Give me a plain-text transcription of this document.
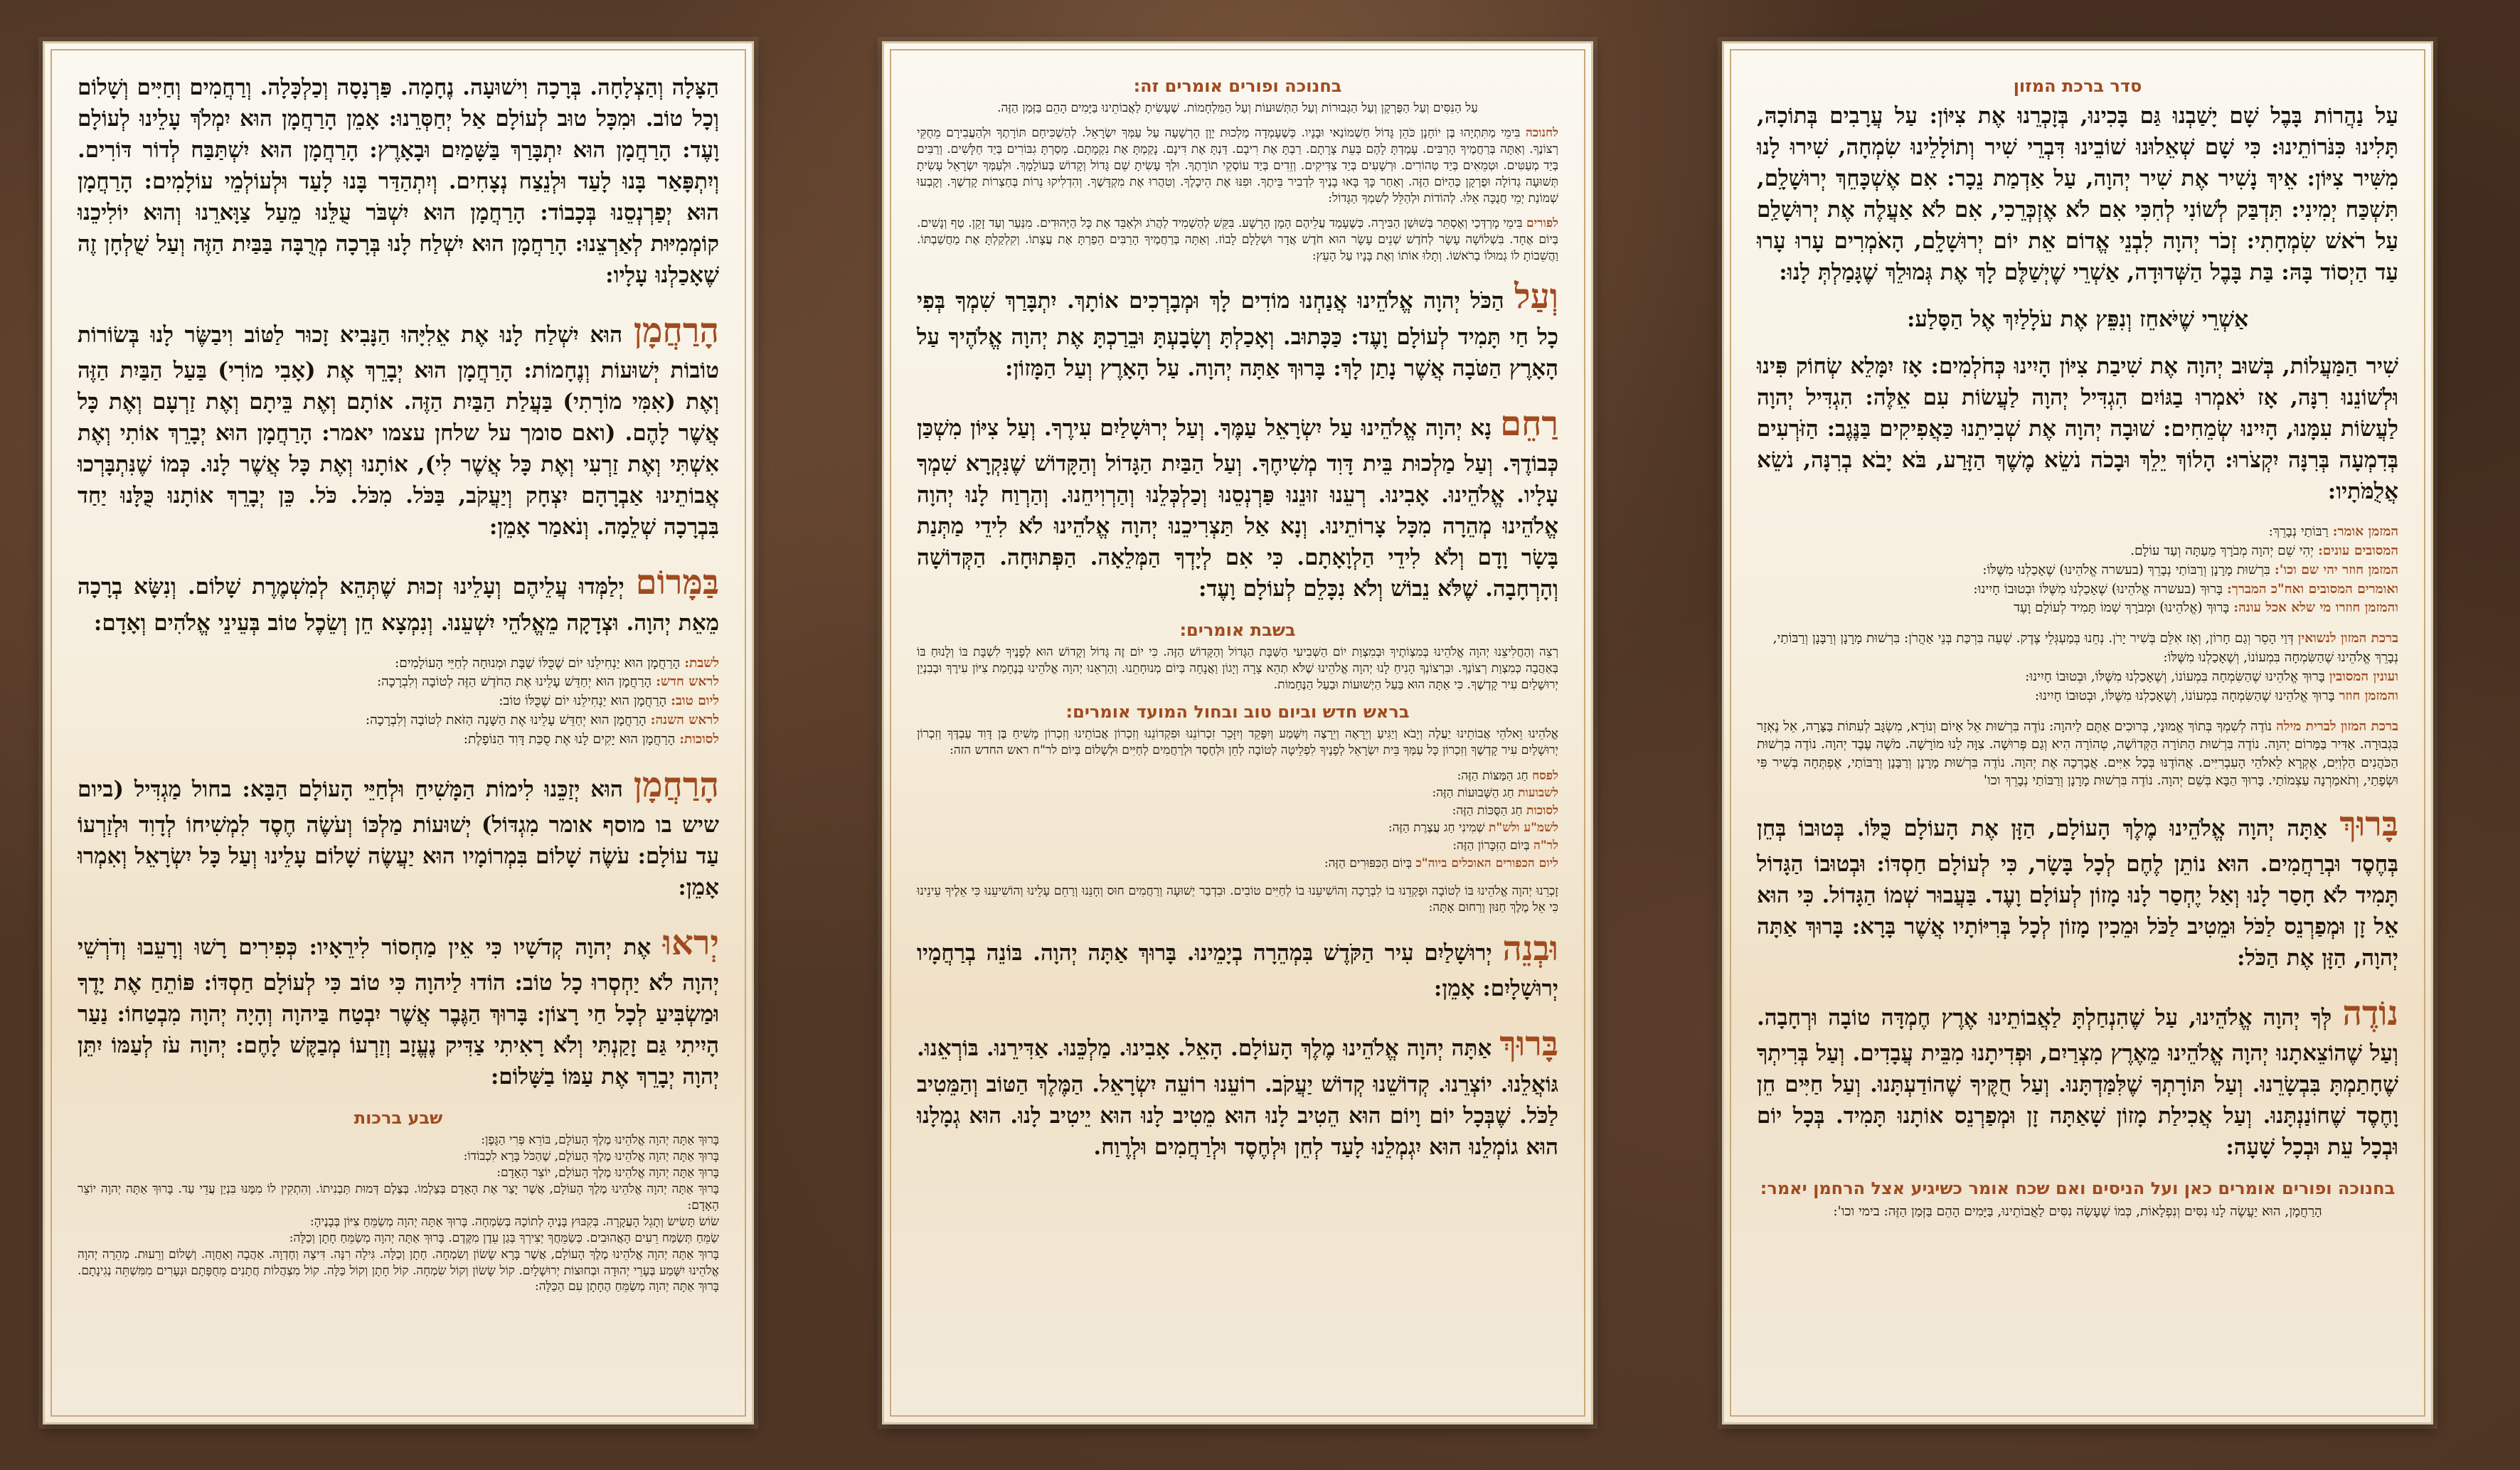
סדר ברכת המזון

עַל נַהֲרוֹת בָּבֶל שָׁם יָשַׁבְנוּ גַּם בָּכִינוּ, בְּזָכְרֵנוּ אֶת צִיּוֹן: עַל עֲרָבִים בְּתוֹכָהּ, תָּלִינוּ כִּנֹּרוֹתֵינוּ: כִּי שָׁם שְׁאֵלוּנוּ שׁוֹבֵינוּ דִּבְרֵי שִׁיר וְתוֹלָלֵינוּ שִׂמְחָה, שִׁירוּ לָנוּ מִשִּׁיר צִיּוֹן: אֵיךְ נָשִׁיר אֶת שִׁיר יְהוָה, עַל אַדְמַת נֵכָר: אִם אֶשְׁכָּחֵךְ יְרוּשָׁלִָם, תִּשְׁכַּח יְמִינִי: תִּדְבַּק לְשׁוֹנִי לְחִכִּי אִם לֹא אֶזְכְּרֵכִי, אִם לֹא אַעֲלֶה אֶת יְרוּשָׁלִַם עַל רֹאשׁ שִׂמְחָתִי: זְכֹר יְהוָה לִבְנֵי אֱדוֹם אֵת יוֹם יְרוּשָׁלִָם, הָאֹמְרִים עָרוּ עָרוּ עַד הַיְסוֹד בָּהּ: בַּת בָּבֶל הַשְּׁדוּדָה, אַשְׁרֵי שֶׁיְשַׁלֶּם לָךְ אֶת גְּמוּלֵךְ שֶׁגָּמַלְתְּ לָנוּ:

אַשְׁרֵי שֶׁיֹּאחֵז וְנִפֵּץ אֶת עֹלָלַיִךְ אֶל הַסָּלַע:

שִׁיר הַמַּעֲלוֹת, בְּשׁוּב יְהוָה אֶת שִׁיבַת צִיּוֹן הָיִינוּ כְּחֹלְמִים: אָז יִמָּלֵא שְׂחוֹק פִּינוּ וּלְשׁוֹנֵנוּ רִנָּה, אָז יֹאמְרוּ בַגּוֹיִם הִגְדִּיל יְהוָה לַעֲשׂוֹת עִם אֵלֶּה: הִגְדִּיל יְהוָה לַעֲשׂוֹת עִמָּנוּ, הָיִינוּ שְׂמֵחִים: שׁוּבָה יְהוָה אֶת שְׁבִיתֵנוּ כַּאֲפִיקִים בַּנֶּגֶב: הַזֹּרְעִים בְּדִמְעָה בְּרִנָּה יִקְצֹרוּ: הָלוֹךְ יֵלֵךְ וּבָכֹה נֹשֵׂא מֶשֶׁךְ הַזָּרַע, בֹּא יָבֹא בְרִנָּה, נֹשֵׂא אֲלֻמֹּתָיו:

המזמן אומר: רַבּוֹתַי נְבָרֵךְ:

המסובים עונים: יְהִי שֵׁם יְהוָה מְבֹרָךְ מֵעַתָּה וְעַד עוֹלָם.

המזמן חוזר יהי שם וכו': בִּרְשׁוּת מָרָנָן וְרַבּוֹתַי נְבָרֵךְ (בעשרה אֱלֹהֵינוּ) שֶׁאָכַלְנוּ מִשֶּׁלּוֹ:

ואומרים המסובים ואח"כ המברך: בָּרוּךְ (בעשרה אֱלֹהֵינוּ) שֶׁאָכַלְנוּ מִשֶּׁלּוֹ וּבְטוּבוֹ חָיִינוּ:

והמזמן חוזרו מי שלא אכל עונה: בָּרוּךְ (אֱלֹהֵינוּ) וּמְבֹרָךְ שְׁמוֹ תָּמִיד לְעוֹלָם וָעֶד

ברכת המזון לנשואין דְּוַי הָסֵר וְגַם חָרוֹן, וְאָז אִלֵּם בְּשִׁיר יָרֹן. נְחֵנוּ בְּמַעְגְּלֵי צֶדֶק. שְׁעֵה בִּרְכַּת בְּנֵי אַהֲרֹן: בִּרְשׁוּת מָרָנָן וְרַבָּנָן וְרַבּוֹתַי, נְבָרֵךְ אֱלֹהֵינוּ שֶׁהַשִּׂמְחָה בִּמְעוֹנוֹ, וְשֶׁאָכַלְנוּ מִשֶּׁלּוֹ:

ועונין המסובין בָּרוּךְ אֱלֹהֵינוּ שֶׁהַשִּׂמְחָה בִּמְעוֹנוֹ, וְשֶׁאָכַלְנוּ מִשֶּׁלּוֹ, וּבְטוּבוֹ חָיִינוּ:

והמזמן חוזר בָּרוּךְ אֱלֹהֵינוּ שֶׁהַשִּׂמְחָה בִּמְעוֹנוֹ, וְשֶׁאָכַלְנוּ מִשֶּׁלּוֹ, וּבְטוּבוֹ חָיִינוּ:

ברכת המזון לברית מילה נוֹדֶה לְשִׁמְךָ בְּתוֹךְ אֱמוּנָי, בְּרוּכִים אַתֶּם לַיהוָה: נוֹדֶה בִּרְשׁוּת אֵל אָיוֹם וְנוֹרָא, מִשְׂגָּב לְעִתּוֹת בַּצָּרָה, אֵל נֶאְזָר בִּגְבוּרָה. אַדִּיר בַּמָּרוֹם יְהוָה. נוֹדֶה בִּרְשׁוּת הַתּוֹרָה הַקְּדוֹשָׁה, טְהוֹרָה הִיא וְגַם פְּרוּשָׁה. צִוָּה לָנוּ מוֹרָשָׁה. מֹשֶׁה עֶבֶד יְהוָה. נוֹדֶה בִּרְשׁוּת הַכֹּהֲנִים הַלְוִיִּם, אֶקְרָא לֵאלֹהֵי הָעִבְרִיִּים. אֲהוֹדֶנּוּ בְּכָל אִיִּים. אֲבָרְכָה אֶת יְהוָה. נוֹדֶה בִּרְשׁוּת מָרָנָן וְרַבָּנָן וְרַבּוֹתַי, אֶפְתְּחָה בְּשִׁיר פִּי וּשְׂפָתַי, וְתֹאמַרְנָה עַצְמוֹתַי. בָּרוּךְ הַבָּא בְּשֵׁם יְהוָה. נוֹדֶה בִּרְשׁוּת מָרָנָן וְרַבּוֹתַי נְבָרֵךְ וכו'

בָּרוּךְ אַתָּה יְהוָה אֱלֹהֵינוּ מֶלֶךְ הָעוֹלָם, הַזָּן אֶת הָעוֹלָם כֻּלּוֹ. בְּטוּבוֹ בְּחֵן בְּחֶסֶד וּבְרַחֲמִים. הוּא נוֹתֵן לֶחֶם לְכָל בָּשָׂר, כִּי לְעוֹלָם חַסְדּוֹ: וּבְטוּבוֹ הַגָּדוֹל תָּמִיד לֹא חָסַר לָנוּ וְאַל יֶחְסַר לָנוּ מָזוֹן לְעוֹלָם וָעֶד. בַּעֲבוּר שְׁמוֹ הַגָּדוֹל. כִּי הוּא אֵל זָן וּמְפַרְנֵס לַכֹּל וּמֵטִיב לַכֹּל וּמֵכִין מָזוֹן לְכָל בְּרִיּוֹתָיו אֲשֶׁר בָּרָא: בָּרוּךְ אַתָּה יְהוָה, הַזָּן אֶת הַכֹּל:

נוֹדֶה לְּךָ יְהוָה אֱלֹהֵינוּ, עַל שֶׁהִנְחַלְתָּ לַאֲבוֹתֵינוּ אֶרֶץ חֶמְדָּה טוֹבָה וּרְחָבָה. וְעַל שֶׁהוֹצֵאתָנוּ יְהוָה אֱלֹהֵינוּ מֵאֶרֶץ מִצְרַיִם, וּפְדִיתָנוּ מִבֵּית עֲבָדִים. וְעַל בְּרִיתְךָ שֶׁחָתַמְתָּ בִּבְשָׂרֵנוּ. וְעַל תּוֹרָתְךָ שֶׁלִּמַּדְתָּנוּ. וְעַל חֻקֶּיךָ שֶׁהוֹדַעְתָּנוּ. וְעַל חַיִּים חֵן וָחֶסֶד שֶׁחוֹנַנְתָּנוּ. וְעַל אֲכִילַת מָזוֹן שָׁאַתָּה זָן וּמְפַרְנֵס אוֹתָנוּ תָּמִיד. בְּכָל יוֹם וּבְכָל עֵת וּבְכָל שָׁעָה:

בחנוכה ופורים אומרים כאן ועל הניסים ואם שכח אומר כשיגיע אצל הרחמן יאמר:

הָרַחֲמָן, הוּא יַעֲשֶׂה לָנוּ נִסִּים וְנִפְלָאוֹת, כְּמוֹ שֶׁעָשָׂה נִסִּים לַאֲבוֹתֵינוּ, בַּיָּמִים הָהֵם בַּזְּמַן הַזֶּה: בימי וכו':

בחנוכה ופורים אומרים זה:

עַל הַנִּסִּים וְעַל הַפֻּרְקָן וְעַל הַגְּבוּרוֹת וְעַל הַתְּשׁוּעוֹת וְעַל הַמִּלְחָמוֹת. שֶׁעָשִׂיתָ לַאֲבוֹתֵינוּ בַּיָּמִים הָהֵם בַּזְּמַן הַזֶּה.

לחנוכה בִּימֵי מַתִּתְיָהוּ בֶּן יוֹחָנָן כֹּהֵן גָּדוֹל חַשְׁמוֹנַאי וּבָנָיו. כְּשֶׁעָמְדָה מַלְכוּת יָוָן הָרְשָׁעָה עַל עַמְּךָ יִשְׂרָאֵל. לְהַשְׁכִּיחָם תּוֹרָתֶךָ וּלְהַעֲבִירָם מֵחֻקֵּי רְצוֹנֶךָ. וְאַתָּה בְּרַחֲמֶיךָ הָרַבִּים. עָמַדְתָּ לָהֶם בְּעֵת צָרָתָם. רַבְתָּ אֶת רִיבָם. דַּנְתָּ אֶת דִּינָם. נָקַמְתָּ אֶת נִקְמָתָם. מָסַרְתָּ גִבּוֹרִים בְּיַד חַלָּשִׁים. וְרַבִּים בְּיַד מְעַטִּים. וּטְמֵאִים בְּיַד טְהוֹרִים. וּרְשָׁעִים בְּיַד צַדִּיקִים. וְזֵדִים בְּיַד עוֹסְקֵי תוֹרָתֶךָ. וּלְךָ עָשִׂיתָ שֵׁם גָּדוֹל וְקָדוֹשׁ בְּעוֹלָמָךְ. וּלְעַמְּךָ יִשְׂרָאֵל עָשִׂיתָ תְּשׁוּעָה גְדוֹלָה וּפֻרְקָן כְּהַיּוֹם הַזֶּה. וְאַחַר כָּךְ בָּאוּ בָנֶיךָ לִדְבִיר בֵּיתֶךָ. וּפִנּוּ אֶת הֵיכָלֶךָ. וְטִהֲרוּ אֶת מִקְדָּשֶׁךָ. וְהִדְלִיקוּ נֵרוֹת בְּחַצְרוֹת קָדְשֶׁךָ. וְקָבְעוּ שְׁמוֹנַת יְמֵי חֲנֻכָּה אֵלּוּ. לְהוֹדוֹת וּלְהַלֵּל לְשִׁמְךָ הַגָּדוֹל:

לפורים בִּימֵי מָרְדְּכַי וְאֶסְתֵּר בְּשׁוּשַׁן הַבִּירָה. כְּשֶׁעָמַד עֲלֵיהֶם הָמָן הָרָשָׁע. בִּקֵּשׁ לְהַשְׁמִיד לַהֲרֹג וּלְאַבֵּד אֶת כָּל הַיְּהוּדִים. מִנַּעַר וְעַד זָקֵן. טַף וְנָשִׁים. בְּיוֹם אֶחָד. בִּשְׁלוֹשָׁה עָשָׂר לְחֹדֶשׁ שְׁנֵים עָשָׂר הוּא חֹדֶשׁ אֲדָר וּשְׁלָלָם לָבוֹז. וְאַתָּה בְּרַחֲמֶיךָ הָרַבִּים הֵפַרְתָּ אֶת עֲצָתוֹ. וְקִלְקַלְתָּ אֶת מַחֲשַׁבְתּוֹ. וַהֲשֵׁבוֹתָ לוֹ גְמוּלוֹ בְרֹאשׁוֹ. וְתָלוּ אוֹתוֹ וְאֶת בָּנָיו עַל הָעֵץ:

וְעַל הַכֹּל יְהוָה אֱלֹהֵינוּ אֲנַחְנוּ מוֹדִים לָךְ וּמְבָרְכִים אוֹתָךְ. יִתְבָּרַךְ שִׁמְךָ בְּפִי כָל חַי תָּמִיד לְעוֹלָם וָעֶד: כַּכָּתוּב. וְאָכַלְתָּ וְשָׂבָעְתָּ וּבֵרַכְתָּ אֶת יְהוָה אֱלֹהֶיךָ עַל הָאָרֶץ הַטֹּבָה אֲשֶׁר נָתַן לָךְ: בָּרוּךְ אַתָּה יְהוָה. עַל הָאָרֶץ וְעַל הַמָּזוֹן:

רַחֵם נָא יְהוָה אֱלֹהֵינוּ עַל יִשְׂרָאֵל עַמֶּךָ. וְעַל יְרוּשָׁלַיִם עִירֶךָ. וְעַל צִיּוֹן מִשְׁכַּן כְּבוֹדֶךָ. וְעַל מַלְכוּת בֵּית דָּוִד מְשִׁיחֶךָ. וְעַל הַבַּיִת הַגָּדוֹל וְהַקָּדוֹשׁ שֶׁנִּקְרָא שִׁמְךָ עָלָיו. אֱלֹהֵינוּ. אָבִינוּ. רְעֵנוּ זוּנֵנוּ פַּרְנְסֵנוּ וְכַלְכְּלֵנוּ וְהַרְוִיחֵנוּ. וְהַרְוַח לָנוּ יְהוָה אֱלֹהֵינוּ מְהֵרָה מִכָּל צָרוֹתֵינוּ. וְנָא אַל תַּצְרִיכֵנוּ יְהוָה אֱלֹהֵינוּ לֹא לִידֵי מַתְּנַת בָּשָׂר וָדָם וְלֹא לִידֵי הַלְוָאָתָם. כִּי אִם לְיָדְךָ הַמְּלֵאָה. הַפְּתוּחָה. הַקְּדוֹשָׁה וְהָרְחָבָה. שֶׁלֹּא נֵבוֹשׁ וְלֹא נִכָּלֵם לְעוֹלָם וָעֶד:

בשבת אומרים:

רְצֵה וְהַחֲלִיצֵנוּ יְהוָה אֱלֹהֵינוּ בְּמִצְוֹתֶיךָ וּבְמִצְוַת יוֹם הַשְּׁבִיעִי הַשַּׁבָּת הַגָּדוֹל וְהַקָּדוֹשׁ הַזֶּה. כִּי יוֹם זֶה גָּדוֹל וְקָדוֹשׁ הוּא לְפָנֶיךָ לִשְׁבָּת בּוֹ וְלָנוּחַ בּוֹ בְּאַהֲבָה כְּמִצְוַת רְצוֹנֶךָ. וּבִרְצוֹנְךָ הָנִיחַ לָנוּ יְהוָה אֱלֹהֵינוּ שֶׁלֹּא תְהֵא צָרָה וְיָגוֹן וַאֲנָחָה בְּיוֹם מְנוּחָתֵנוּ. וְהַרְאֵנוּ יְהוָה אֱלֹהֵינוּ בְּנֶחָמַת צִיּוֹן עִירֶךָ וּבְבִנְיַן יְרוּשָׁלַיִם עִיר קָדְשֶׁךָ. כִּי אַתָּה הוּא בַּעַל הַיְשׁוּעוֹת וּבַעַל הַנֶּחָמוֹת.

בראש חדש וביום טוב ובחול המועד אומרים:

אֱלֹהֵינוּ וֵאלֹהֵי אֲבוֹתֵינוּ יַעֲלֶה וְיָבֹא וְיַגִּיעַ וְיֵרָאֶה וְיֵרָצֶה וְיִשָּׁמַע וְיִפָּקֵד וְיִזָּכֵר זִכְרוֹנֵנוּ וּפִקְדוֹנֵנוּ וְזִכְרוֹן אֲבוֹתֵינוּ וְזִכְרוֹן מָשִׁיחַ בֶּן דָּוִד עַבְדֶּךָ וְזִכְרוֹן יְרוּשָׁלַיִם עִיר קָדְשֶׁךָ וְזִכְרוֹן כָּל עַמְּךָ בֵּית יִשְׂרָאֵל לְפָנֶיךָ לִפְלֵיטָה לְטוֹבָה לְחֵן וּלְחֶסֶד וּלְרַחֲמִים לְחַיִּים וּלְשָׁלוֹם בְּיוֹם לר"ח ראש החדש הזה:

לפסח חַג הַמַּצּוֹת הַזֶּה:

לשבועות חַג הַשָּׁבוּעוֹת הַזֶּה:

לסוכות חַג הַסֻּכּוֹת הַזֶּה:

לשמ"ע ולש"ת שְׁמִינִי חַג עֲצֶרֶת הַזֶּה:

לר"ה בְּיוֹם הַזִּכָּרוֹן הַזֶּה:

ליום הכפורים האוכלים ביוה"כ בְּיוֹם הַכִּפּוּרִים הַזֶּה:

זָכְרֵנוּ יְהוָה אֱלֹהֵינוּ בּוֹ לְטוֹבָה וּפָקְדֵנוּ בוֹ לִבְרָכָה וְהוֹשִׁיעֵנוּ בוֹ לְחַיִּים טוֹבִים. וּבִדְבַר יְשׁוּעָה וְרַחֲמִים חוּס וְחָנֵּנוּ וְרַחֵם עָלֵינוּ וְהוֹשִׁיעֵנוּ כִּי אֵלֶיךָ עֵינֵינוּ כִּי אֵל מֶלֶךְ חַנּוּן וְרַחוּם אָתָּה:

וּבְנֵה יְרוּשָׁלַיִם עִיר הַקֹּדֶשׁ בִּמְהֵרָה בְיָמֵינוּ. בָּרוּךְ אַתָּה יְהוָה. בּוֹנֵה בְרַחֲמָיו יְרוּשָׁלָיִם: אָמֵן:

בָּרוּךְ אַתָּה יְהוָה אֱלֹהֵינוּ מֶלֶךְ הָעוֹלָם. הָאֵל. אָבִינוּ. מַלְכֵּנוּ. אַדִּירֵנוּ. בּוֹרְאֵנוּ. גּוֹאֲלֵנוּ. יוֹצְרֵנוּ. קְדוֹשֵׁנוּ קְדוֹשׁ יַעֲקֹב. רוֹעֵנוּ רוֹעֵה יִשְׂרָאֵל. הַמֶּלֶךְ הַטּוֹב וְהַמֵּטִיב לַכֹּל. שֶׁבְּכָל יוֹם וָיוֹם הוּא הֵטִיב לָנוּ הוּא מֵטִיב לָנוּ הוּא יֵיטִיב לָנוּ. הוּא גְמָלָנוּ הוּא גוֹמְלֵנוּ הוּא יִגְמְלֵנוּ לָעַד לְחֵן וּלְחֶסֶד וּלְרַחֲמִים וּלְרֶוַח.

הַצָּלָה וְהַצְלָחָה. בְּרָכָה וִישׁוּעָה. נֶחָמָה. פַּרְנָסָה וְכַלְכָּלָה. וְרַחֲמִים וְחַיִּים וְשָׁלוֹם וְכָל טוֹב. וּמִכָּל טוּב לְעוֹלָם אַל יְחַסְּרֵנוּ: אָמֵן הָרַחֲמָן הוּא יִמְלֹךְ עָלֵינוּ לְעוֹלָם וָעֶד: הָרַחֲמָן הוּא יִתְבָּרַךְ בַּשָּׁמַיִם וּבָאָרֶץ: הָרַחֲמָן הוּא יִשְׁתַּבַּח לְדוֹר דּוֹרִים. וְיִתְפָּאַר בָּנוּ לָעַד וּלְנֵצַח נְצָחִים. וְיִתְהַדַּר בָּנוּ לָעַד וּלְעוֹלְמֵי עוֹלָמִים: הָרַחֲמָן הוּא יְפַרְנְסֵנוּ בְּכָבוֹד: הָרַחֲמָן הוּא יִשְׁבֹּר עֻלֵּנוּ מֵעַל צַוָּארֵנוּ וְהוּא יוֹלִיכֵנוּ קוֹמְמִיּוּת לְאַרְצֵנוּ: הָרַחֲמָן הוּא יִשְׁלַח לָנוּ בְּרָכָה מְרֻבָּה בַּבַּיִת הַזֶּה וְעַל שֻׁלְחָן זֶה שֶׁאָכַלְנוּ עָלָיו:

הָרַחֲמָן הוּא יִשְׁלַח לָנוּ אֶת אֵלִיָּהוּ הַנָּבִיא זָכוּר לַטּוֹב וִיבַשֶּׂר לָנוּ בְּשׂוֹרוֹת טוֹבוֹת יְשׁוּעוֹת וְנֶחָמוֹת: הָרַחֲמָן הוּא יְבָרֵךְ אֶת (אָבִי מוֹרִי) בַּעַל הַבַּיִת הַזֶּה וְאֶת (אִמִּי מוֹרָתִי) בַּעֲלַת הַבַּיִת הַזֶּה. אוֹתָם וְאֶת בֵּיתָם וְאֶת זַרְעָם וְאֶת כָּל אֲשֶׁר לָהֶם. (ואם סומך על שלחן עצמו יאמר: הָרַחֲמָן הוּא יְבָרֵךְ אוֹתִי וְאֶת אִשְׁתִּי וְאֶת זַרְעִי וְאֶת כָּל אֲשֶׁר לִי), אוֹתָנוּ וְאֶת כָּל אֲשֶׁר לָנוּ. כְּמוֹ שֶׁנִּתְבָּרְכוּ אֲבוֹתֵינוּ אַבְרָהָם יִצְחָק וְיַעֲקֹב, בַּכֹּל. מִכֹּל. כֹּל. כֵּן יְבָרֵךְ אוֹתָנוּ כֻּלָּנוּ יַחַד בִּבְרָכָה שְׁלֵמָה. וְנֹאמַר אָמֵן:

בַּמָּרוֹם יְלַמְּדוּ עֲלֵיהֶם וְעָלֵינוּ זְכוּת שֶׁתְּהֵא לְמִשְׁמֶרֶת שָׁלוֹם. וְנִשָּׂא בְרָכָה מֵאֵת יְהוָה. וּצְדָקָה מֵאֱלֹהֵי יִשְׁעֵנוּ. וְנִמְצָא חֵן וְשֵׂכֶל טוֹב בְּעֵינֵי אֱלֹהִים וְאָדָם:

לשבת: הָרַחֲמָן הוּא יַנְחִילֵנוּ יוֹם שֶׁכֻּלּוֹ שַׁבָּת וּמְנוּחָה לְחַיֵּי הָעוֹלָמִים:

לראש חדש: הָרַחֲמָן הוּא יְחַדֵּשׁ עָלֵינוּ אֶת הַחֹדֶשׁ הַזֶּה לְטוֹבָה וְלִבְרָכָה:

ליום טוב: הָרַחֲמָן הוּא יַנְחִילֵנוּ יוֹם שֶׁכֻּלּוֹ טוֹב:

לראש השנה: הָרַחֲמָן הוּא יְחַדֵּשׁ עָלֵינוּ אֶת הַשָּׁנָה הַזֹּאת לְטוֹבָה וְלִבְרָכָה:

לסוכות: הָרַחֲמָן הוּא יָקִים לָנוּ אֶת סֻכַּת דָּוִד הַנּוֹפָלֶת:

הָרַחֲמָן הוּא יְזַכֵּנוּ לִימוֹת הַמָּשִׁיחַ וּלְחַיֵּי הָעוֹלָם הַבָּא: בחול מַגְדִּיל (ביום שיש בו מוסף אומר מִגְדּוֹל) יְשׁוּעוֹת מַלְכּוֹ וְעֹשֶׂה חֶסֶד לִמְשִׁיחוֹ לְדָוִד וּלְזַרְעוֹ עַד עוֹלָם: עֹשֶׂה שָׁלוֹם בִּמְרוֹמָיו הוּא יַעֲשֶׂה שָׁלוֹם עָלֵינוּ וְעַל כָּל יִשְׂרָאֵל וְאִמְרוּ אָמֵן:

יְראוּ אֶת יְהוָה קְדֹשָׁיו כִּי אֵין מַחְסוֹר לִירֵאָיו: כְּפִירִים רָשׁוּ וְרָעֵבוּ וְדֹרְשֵׁי יְהוָה לֹא יַחְסְרוּ כָל טוֹב: הוֹדוּ לַיהוָה כִּי טוֹב כִּי לְעוֹלָם חַסְדּוֹ: פּוֹתֵחַ אֶת יָדֶךָ וּמַשְׂבִּיעַ לְכָל חַי רָצוֹן: בָּרוּךְ הַגֶּבֶר אֲשֶׁר יִבְטַח בַּיהוָה וְהָיָה יְהוָה מִבְטַחוֹ: נַעַר הָיִיתִי גַּם זָקַנְתִּי וְלֹא רָאִיתִי צַדִּיק נֶעֱזָב וְזַרְעוֹ מְבַקֶּשׁ לָחֶם: יְהוָה עֹז לְעַמּוֹ יִתֵּן יְהוָה יְבָרֵךְ אֶת עַמּוֹ בַשָּׁלוֹם:

שבע ברכות

בָּרוּךְ אַתָּה יְהוָה אֱלֹהֵינוּ מֶלֶךְ הָעוֹלָם, בּוֹרֵא פְּרִי הַגָּפֶן:

בָּרוּךְ אַתָּה יְהוָה אֱלֹהֵינוּ מֶלֶךְ הָעוֹלָם, שֶׁהַכֹּל בָּרָא לִכְבוֹדוֹ:

בָּרוּךְ אַתָּה יְהוָה אֱלֹהֵינוּ מֶלֶךְ הָעוֹלָם, יוֹצֵר הָאָדָם:

בָּרוּךְ אַתָּה יְהוָה אֱלֹהֵינוּ מֶלֶךְ הָעוֹלָם, אֲשֶׁר יָצַר אֶת הָאָדָם בְּצַלְמוֹ. בְּצֶלֶם דְּמוּת תַּבְנִיתוֹ. וְהִתְקִין לוֹ מִמֶּנּוּ בִּנְיַן עֲדֵי עַד. בָּרוּךְ אַתָּה יְהוָה יוֹצֵר הָאָדָם:

שׂוֹשׂ תָּשִׂישׂ וְתָגֵל הָעֲקָרָה. בְּקִבּוּץ בָּנֶיהָ לְתוֹכָהּ בְּשִׂמְחָה. בָּרוּךְ אַתָּה יְהוָה מְשַׂמֵּחַ צִיּוֹן בְּבָנֶיהָ:

שַׂמֵּחַ תְּשַׂמַּח רֵעִים הָאֲהוּבִים. כְּשַׂמֵּחֲךָ יְצִירְךָ בְּגַן עֵדֶן מִקֶּדֶם. בָּרוּךְ אַתָּה יְהוָה מְשַׂמֵּחַ חָתָן וְכַלָּה:

בָּרוּךְ אַתָּה יְהוָה אֱלֹהֵינוּ מֶלֶךְ הָעוֹלָם, אֲשֶׁר בָּרָא שָׂשׂוֹן וְשִׂמְחָה. חָתָן וְכַלָּה. גִּילָה רִנָּה. דִּיצָה וְחֶדְוָה. אַהֲבָה וְאַחֲוָה. וְשָׁלוֹם וְרֵעוּת. מְהֵרָה יְהוָה אֱלֹהֵינוּ יִשָּׁמַע בְּעָרֵי יְהוּדָה וּבְחוּצוֹת יְרוּשָׁלָיִם. קוֹל שָׂשׂוֹן וְקוֹל שִׂמְחָה. קוֹל חָתָן וְקוֹל כַּלָּה. קוֹל מִצְהֲלוֹת חֲתָנִים מֵחֻפָּתָם וּנְעָרִים מִמִּשְׁתֵּה נְגִינָתָם. בָּרוּךְ אַתָּה יְהוָה מְשַׂמֵּחַ הֶחָתָן עִם הַכַּלָּה:
